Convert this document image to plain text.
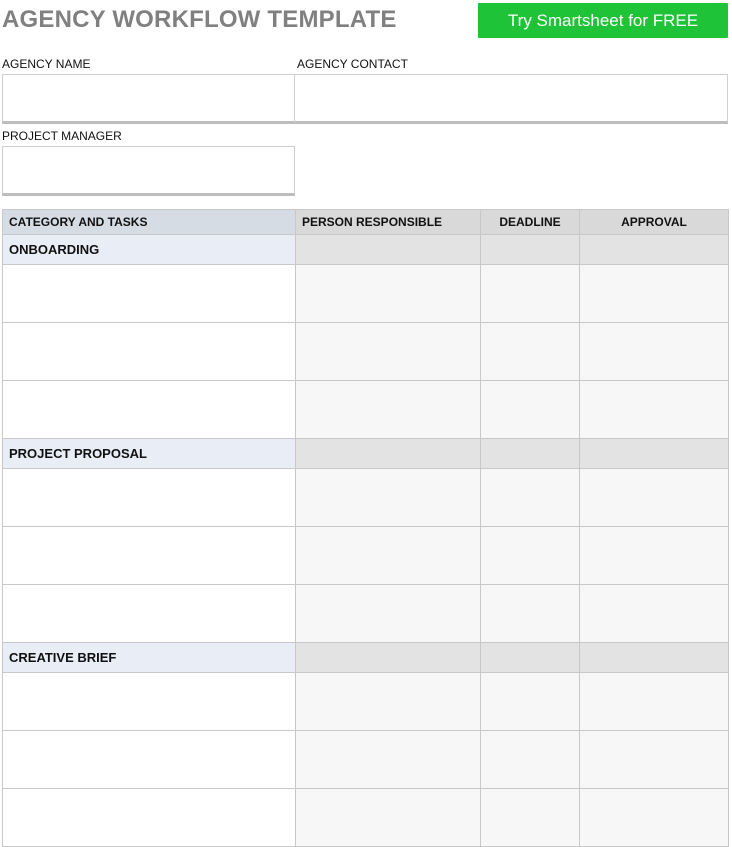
AGENCY WORKFLOW TEMPLATE	Try Smartsheet for FREE
AGENCY NAME	AGENCY CONTACT
PROJECT MANAGER
CATEGORY AND TASKS	PERSON RESPONSIBLE	DEADLINE	APPROVAL
ONBOARDING			

PROJECT PROPOSAL			

CREATIVE BRIEF			
